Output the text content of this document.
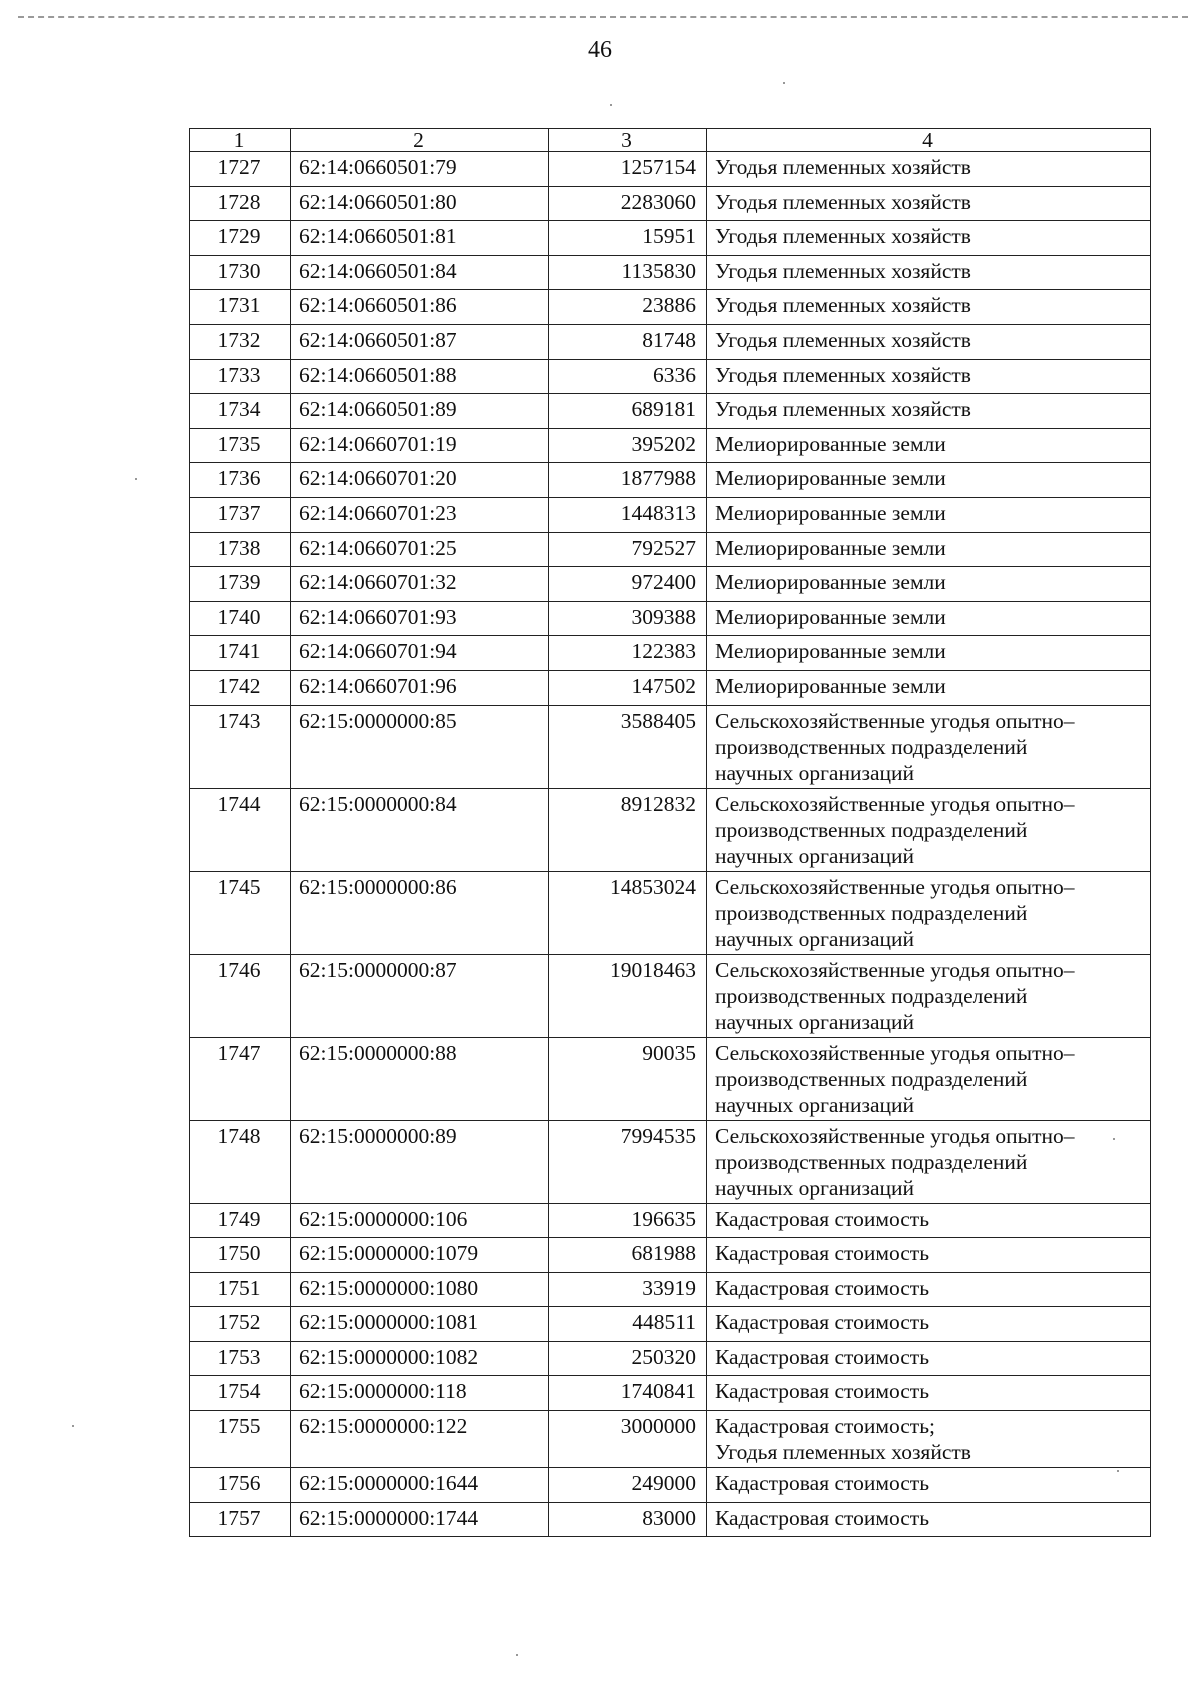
46
1	2	3	4
1727	62:14:0660501:79	1257154	Угодья племенных хозяйств
1728	62:14:0660501:80	2283060	Угодья племенных хозяйств
1729	62:14:0660501:81	15951	Угодья племенных хозяйств
1730	62:14:0660501:84	1135830	Угодья племенных хозяйств
1731	62:14:0660501:86	23886	Угодья племенных хозяйств
1732	62:14:0660501:87	81748	Угодья племенных хозяйств
1733	62:14:0660501:88	6336	Угодья племенных хозяйств
1734	62:14:0660501:89	689181	Угодья племенных хозяйств
1735	62:14:0660701:19	395202	Мелиорированные земли
1736	62:14:0660701:20	1877988	Мелиорированные земли
1737	62:14:0660701:23	1448313	Мелиорированные земли
1738	62:14:0660701:25	792527	Мелиорированные земли
1739	62:14:0660701:32	972400	Мелиорированные земли
1740	62:14:0660701:93	309388	Мелиорированные земли
1741	62:14:0660701:94	122383	Мелиорированные земли
1742	62:14:0660701:96	147502	Мелиорированные земли
1743	62:15:0000000:85	3588405	Сельскохозяйственные угодья опытно–
производственных подразделений
научных организаций
1744	62:15:0000000:84	8912832	Сельскохозяйственные угодья опытно–
производственных подразделений
научных организаций
1745	62:15:0000000:86	14853024	Сельскохозяйственные угодья опытно–
производственных подразделений
научных организаций
1746	62:15:0000000:87	19018463	Сельскохозяйственные угодья опытно–
производственных подразделений
научных организаций
1747	62:15:0000000:88	90035	Сельскохозяйственные угодья опытно–
производственных подразделений
научных организаций
1748	62:15:0000000:89	7994535	Сельскохозяйственные угодья опытно–
производственных подразделений
научных организаций
1749	62:15:0000000:106	196635	Кадастровая стоимость
1750	62:15:0000000:1079	681988	Кадастровая стоимость
1751	62:15:0000000:1080	33919	Кадастровая стоимость
1752	62:15:0000000:1081	448511	Кадастровая стоимость
1753	62:15:0000000:1082	250320	Кадастровая стоимость
1754	62:15:0000000:118	1740841	Кадастровая стоимость
1755	62:15:0000000:122	3000000	Кадастровая стоимость;
Угодья племенных хозяйств
1756	62:15:0000000:1644	249000	Кадастровая стоимость
1757	62:15:0000000:1744	83000	Кадастровая стоимость
